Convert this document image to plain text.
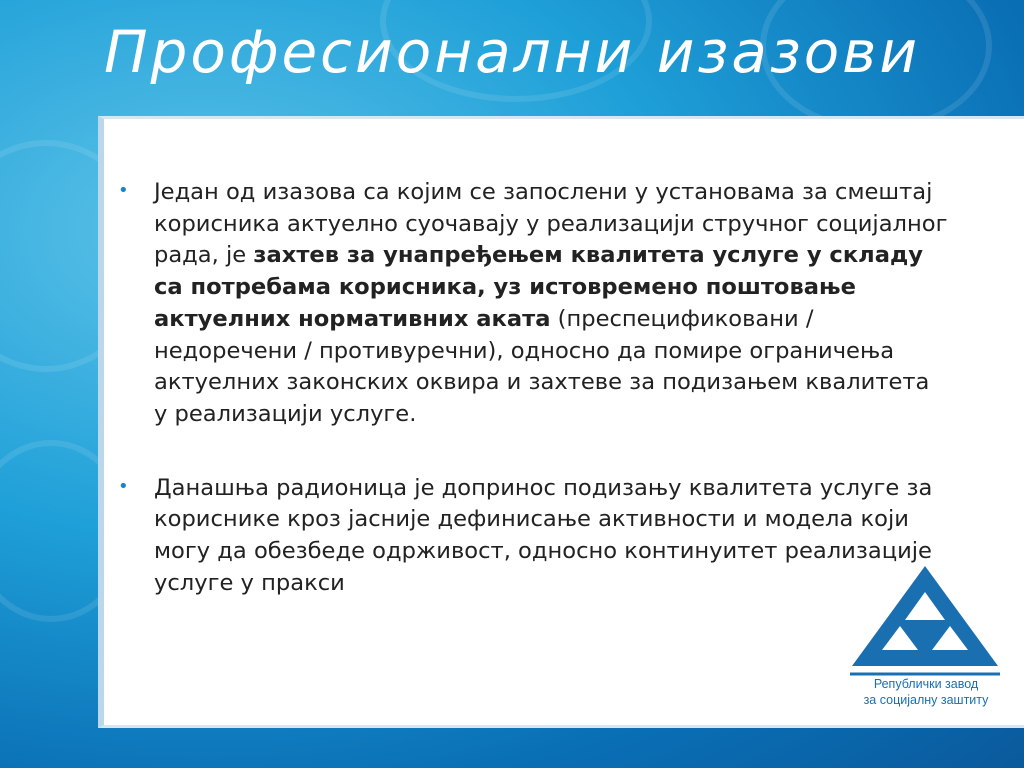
Професионални изазови
• Један од изазова са којим се запослени у установама за смештај корисника актуелно суочавају у реализацији стручног социјалног рада, је захтев за унапређењем квалитета услуге у складу са потребама корисника, уз истовремено поштовање актуелних нормативних аката (преспецификовани /недоречени / противуречни), односно да помире ограничења актуелних законских оквира и захтеве за подизањем квалитета у реализацији услуге.
• Данашња радионица је допринос подизању квалитета услуге за кориснике кроз јасније дефинисање активности и модела који могу да обезбеде одрживост, односно континуитет реализације услуге у пракси
Републички завод
за социјалну заштиту
